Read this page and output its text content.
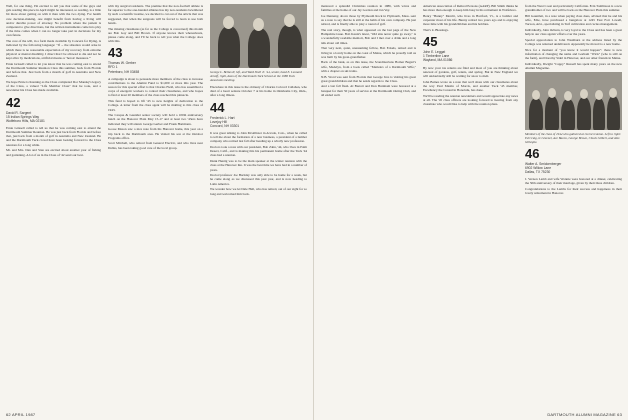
Well, for one thing, I'm excited to tell you that some of the guys and gals reading this piece in April might be interested, so reading, is a little bit more about getting on with it than with the two dying. For health care decision-making, one might benefit from having a living will and/or durable power of attorney. No problem where the patient is competent to give directions, but the written instruments come into play if the time comes when I can no longer take part in decisions for my own future.

The core of the will, in a form made available by Concern for Dying, is indicated by the following language: "If ... the situation would arise in which there is no reasonable expectation of my recovery from extreme physical or mental disability, I direct that I be allowed to die and not be kept alive by medications, artificial means or 'heroic measures.'"

Ernie Grissell called to let you know that he was coming east to attend the Dartmouth Summer Reunion Class this summer, back from Florida and before that. Just back from a month of golf in Australia and New Zealand.

We hope Ernie is listening as the Class completed Doc Mansky's legacy of the Class, a valued "Life Member Class" that he took, and a newsletter his Class has made available.

42
David R. Sargent
15 Indian Springs Way
Wolfeboro Hills, MA 02181

Ernie Grissell called to tell us that he was coming east to attend the Dartmouth Summer Reunion. He was just back from Florida and before that, just back from a month of golf in Australia and New Zealand. He and the Dartmouth Tuck crowd have been looking forward to the Class reunions for a long while.

Mr. and Mrs. Dan and Stan are excited about another year of fishing and gardening. A lot of us in the Class of '42 send our best.

with my surgical residents. The premise that the non-football athlete is far superior to the one-handed athletes has my non-residents bewildered by such a scientific treatise, we decided to cut out of the article that was suggested, that when the surgeons will be forced to learn to use both hands.

The missing classmates (as far as the College is concerned) this month are Bob Gay and Bill Brown. If anyone knows their whereabouts, please come along, and I'll be back to tell you what the College does with this.

43
Thomas W. Gerber
RFD 1
Peterboro, NH 03458

A campaign is about to persuade more members of the class to increase contributions to the Alumni Fund to $1,000 or more this year. The reason for this special effort is that Charles Field, who has assembled a corps of energetic workers to contact their classmates, and who hopes to find at least 20 members of the class reached this pinnacle.

This fund is hoped to lift '43 to new heights of dedication to the College. A letter from the class agent will be mailing to this class of 1943.

The Casque & Gauntlet senior society will hold a 100th anniversary lunch on the Hanover Plain May 15-17 and at least two '43ers have indicated they will attend. George Gerber and Frank Hartmann.

Goose Mason saw a nice note from his Hanover home, this year on a trip back to the Dartmouth area. He visited his son at the Outdoor Programs office.

Scott Mitchell, who retired from General Electric, and who lives near Dallas, has been taking good care of the local group.

George L. Bellas II, left, and Ward Shell Jr. '44, senior, head E. Leonard Arnoff, right, dean of the Dartmouth Tuck School at the 1986 Tuck Associates meeting.

Elsewhere in this issue is the obituary of Charles Colcord Callahan, who died of a heart seizure October 7 at his home in Oklahoma City, Okla., after a long illness.

44
Frederick L. Hart
Lovejoy Hill
Concord, NH 03301

It was great talking to John McAllister in Arvada, Colo., when he called to tell me about the formation of a new business, a president of a lumber company who retired last fall after heading up a wholly new profession.

Doctors took a note with our president, Bob Zahn, '44, who lives in Palm Desert, Calif., and is making this his permanent home after the Tuck '44 class had a reunion.

Dunk Hentig was to be the main speaker at the winter reunion with the class at the Hanover Inn. It was the best time we have had in a number of years.

Doctor/professor Joe Buckley was only able to be home for a week, but he came along as we discussed this past year, and is now heading to Latin America.

We wonder how we let Dale Hall, who has retired, out of our sight for so long and welcomed him back.

62 APRIL 1987

mentored a splendid Christmas reunion in 1986, with wives and families at the home of our Jay Gordon and Jan Vey.

Joe Dennany, above those by Plymouth Rock in Plymouth, Mass. sent us a note to say that he is still at the helm of his own company. He just retired, and is finally able to play a round of golf.

The real story, though, is what appeared on the last page of the New Hampshire issue. Bob Kautz's latest, "Old sins never quite go away," is a wonderfully readable memoir, Bob and I met over a drink and a long talk about old times.

That very next, quiet, unassuming fellow, Bob Eckels, retired and is living in a lovely home on the coast of Maine, which he proudly told us was built by his great-grandfather.

Back of the bank, as on this issue, the Scandinavians Homer Bagart's wife, Madelyn, from a book called "Memoirs of a Dartmouth Wife," with a chapter on ski trains.

N.B. Word was sent from Florida that George Ives is visiting his great great grandchildren and that he sends regards to the Class.

And a last fall flash. Al Barrett and Don Burnham were honored at a banquet for their 50 years of service at the Dartmouth Outing Club, and all ended well.

American Association of Retired Persons (AARP). Bill Smith thinks he has more than enough to keep him busy in his retirement in Wolfeboro.

Henry "Bunny" Merritt, who lives in Hartford, Vt., is a builder and carpenter most of his life. Bunny retired two years ago and is enjoying more time with his grandchildren and his hobbies.

That's it. Blessings.

45
John E. Leggat
1 Timberline Lane
Wayland, MA 01086

By now your tax returns are filed and most of you are thinking about renewal of gardens, golf, tennis, and spring. But in New England we will undoubtedly still be waiting for snow to melt.

John Baines wrote us a note that we'd share with our classmates about the way Paul Mastin of Morris, and another Tuck '45 member, Excellency the Consul in Honolulu, has done.

We'll be reading the reunion newsletters and would appreciate any news at all. The '45 class officers are looking forward to hearing from any classmate who would like to help with the reunion plans.

from the West Coast and particularly California. Erin Tomlinson is a new grandmother of two and will be back on the Hanover Plain this summer.

Bill Gauntlett, in a note when paying class dues, advised that he and his wife, Edie, have purchased a bungalow at 1245 East Fort Lowell, Tucson, Ariz., specializing in Turf cultivation and cactus management.

Individually, John Ozburn, is very loyal to the Class and has been a great help in our class agents' efforts over the years.

Special appreciation to John Washburn at the address listed by the College was returned undelivered. Apparently he moved to a new home.

Nice for a moment of "you know it would happen": there is new information of changing the name and Gorham "Wick" (who is still on the farm), and Dorothy Stahl in Hanover, and our other friends in Maine.

Individually, Dwight "Cappy" Russell has spent many years on the new Alumni Magazine.

Members of the class of 1944 who gathered at recent reunion. Left to right: Ed Craig, le Greener, Ace Bacon, George Brown, Chuck Gilbert, and Alex Gillespie.
46
Walter A. Smickenberger
6902 Willow Lane
Dallas, TX 75230

J. Vernon Lamb and wife Wonnie were honored at a dinner, celebrating the 50th anniversary of their marriage, given by their three children.

Congratulations to the Lambs for their success and happiness in their lovely retirement in Hanover.

DARTMOUTH ALUMNI MAGAZINE 63
